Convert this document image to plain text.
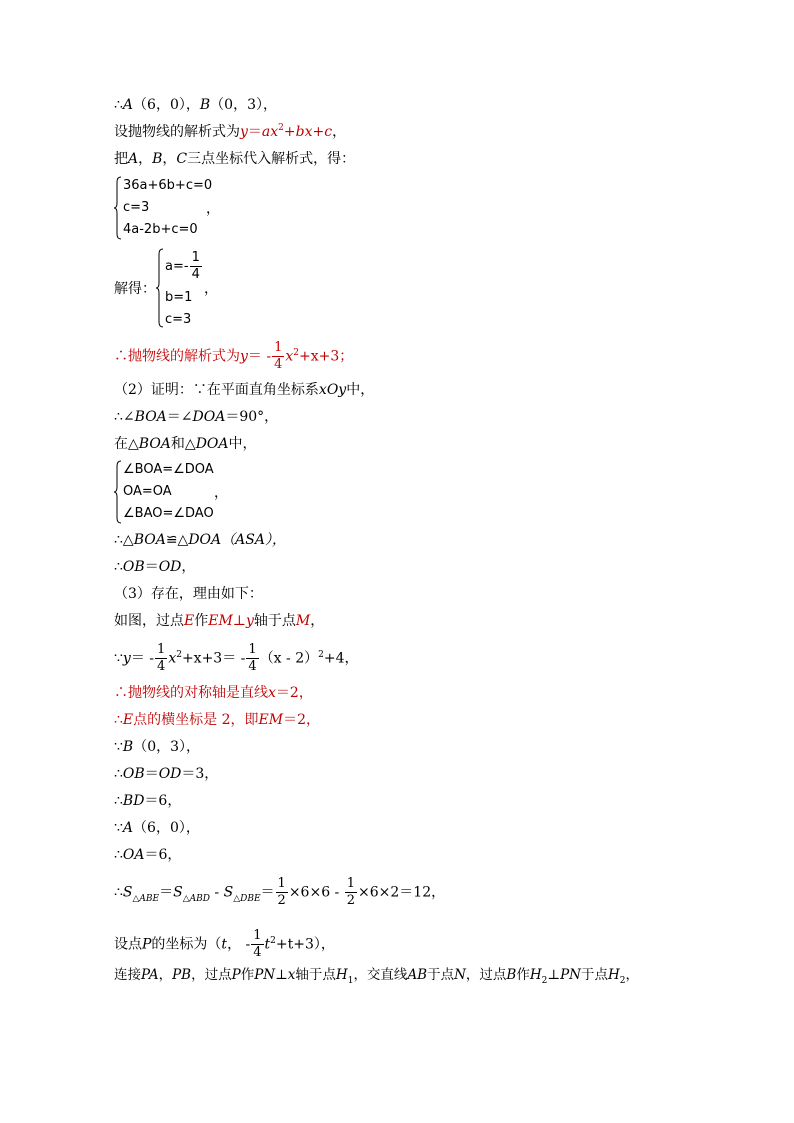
∴A（6，0），B（0，3），
设抛物线的解析式为$y=ax^2+bx+c$，
把A，B，C三点坐标代入解析式，得：
36a+6b+c=0
c=3
4a-2b+c=0
，
解得：
$a=- \frac{1}{4}$
b=1
c=3
，
∴抛物线的解析式为$y= - \frac{1}{4} x^2+x+3$；
（2）证明：∵在平面直角坐标系xOy中，
∴∠BOA＝∠DOA＝90°，
在△BOA和△DOA中，
∠BOA=∠DOA
OA=OA
∠BAO=∠DAO
，
∴△BOA≌△DOA（ASA），
∴OB＝OD，
（3）存在，理由如下：
如图，过点E作EM⊥y轴于点M，
∵y＝ - $\frac{1}{4} x^2+x+3= - \frac{1}{4} (x - 2)^2+4$，
∴抛物线的对称轴是直线x＝2，
∴E点的横坐标是 2，即EM＝2，
∵B（0，3），
∴OB＝OD＝3，
∴BD＝6，
∵A（6，0），
∴OA＝6，
$\therefore S_{\triangle ABE}=S_{\triangle ABD} - S_{\triangle DBE}= \frac{1}{2} \times 6\times 6 - \frac{1}{2} \times 6\times 2=12$，
设点P的坐标为（t， - $\frac{1}{4} t^2+t+3$），
连接PA，PB，过点P作PN⊥x轴于点$H_1$，交直线AB于点N，过点B作$H_2\perp PN$于点$H_2$，
